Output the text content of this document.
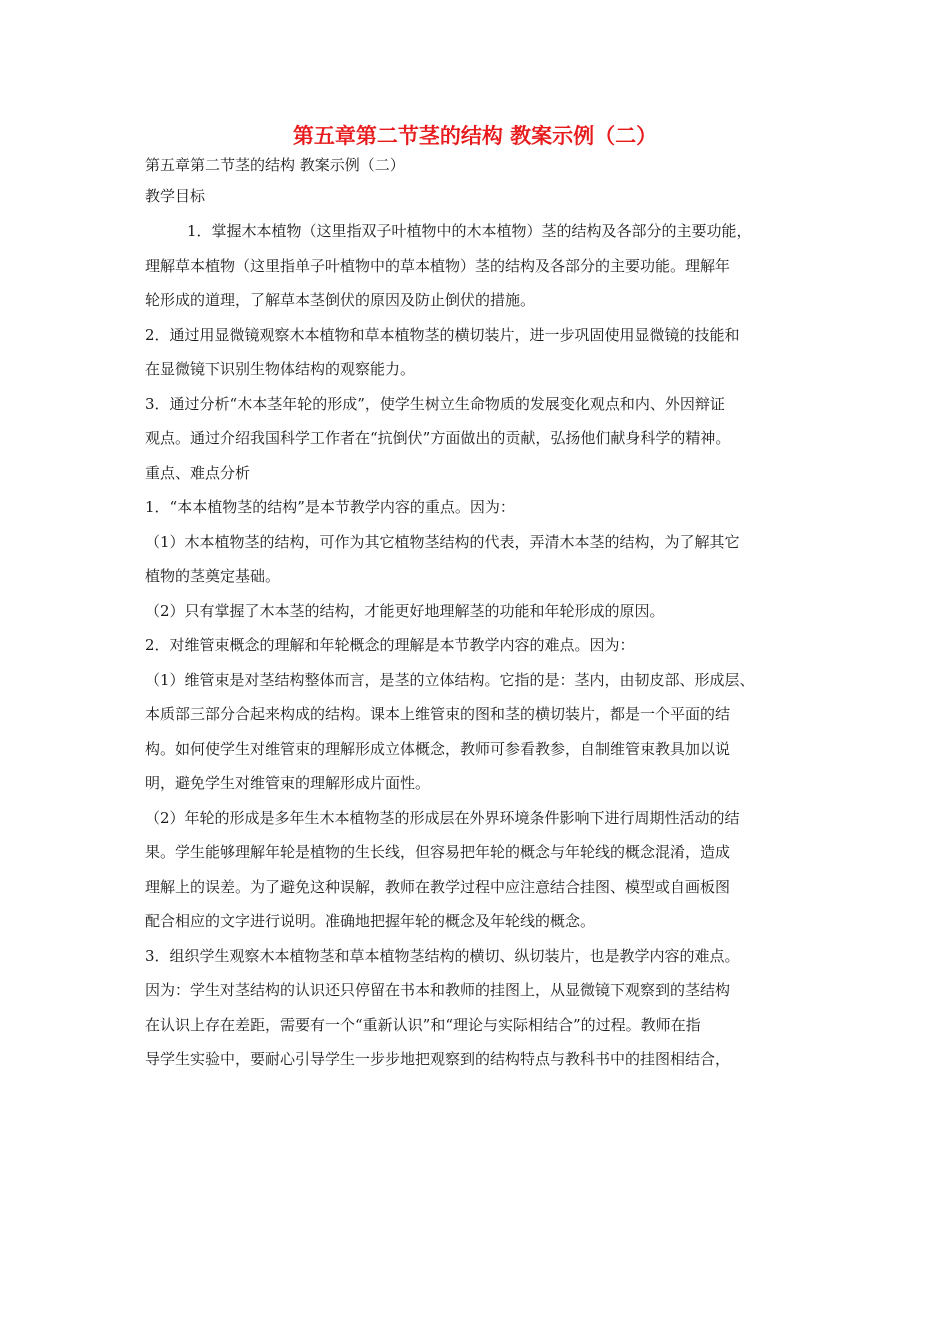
第五章第二节茎的结构 教案示例（二）

第五章第二节茎的结构 教案示例（二）

教学目标

1．掌握木本植物（这里指双子叶植物中的木本植物）茎的结构及各部分的主要功能，

理解草本植物（这里指单子叶植物中的草本植物）茎的结构及各部分的主要功能。理解年

轮形成的道理，了解草本茎倒伏的原因及防止倒伏的措施。

2．通过用显微镜观察木本植物和草本植物茎的横切装片，进一步巩固使用显微镜的技能和

在显微镜下识别生物体结构的观察能力。

3．通过分析“木本茎年轮的形成”，使学生树立生命物质的发展变化观点和内、外因辩证

观点。通过介绍我国科学工作者在“抗倒伏”方面做出的贡献，弘扬他们献身科学的精神。

重点、难点分析

1．“本本植物茎的结构”是本节教学内容的重点。因为：

（1）木本植物茎的结构，可作为其它植物茎结构的代表，弄清木本茎的结构，为了解其它

植物的茎奠定基础。

（2）只有掌握了木本茎的结构，才能更好地理解茎的功能和年轮形成的原因。

2．对维管束概念的理解和年轮概念的理解是本节教学内容的难点。因为：

（1）维管束是对茎结构整体而言，是茎的立体结构。它指的是：茎内，由韧皮部、形成层、

本质部三部分合起来构成的结构。课本上维管束的图和茎的横切装片，都是一个平面的结

构。如何使学生对维管束的理解形成立体概念，教师可参看教参，自制维管束教具加以说

明，避免学生对维管束的理解形成片面性。

（2）年轮的形成是多年生木本植物茎的形成层在外界环境条件影响下进行周期性活动的结

果。学生能够理解年轮是植物的生长线，但容易把年轮的概念与年轮线的概念混淆，造成

理解上的误差。为了避免这种误解，教师在教学过程中应注意结合挂图、模型或自画板图

配合相应的文字进行说明。准确地把握年轮的概念及年轮线的概念。

3．组织学生观察木本植物茎和草本植物茎结构的横切、纵切装片，也是教学内容的难点。

因为：学生对茎结构的认识还只停留在书本和教师的挂图上，从显微镜下观察到的茎结构

在认识上存在差距，需要有一个“重新认识”和“理论与实际相结合”的过程。教师在指

导学生实验中，要耐心引导学生一步步地把观察到的结构特点与教科书中的挂图相结合，
